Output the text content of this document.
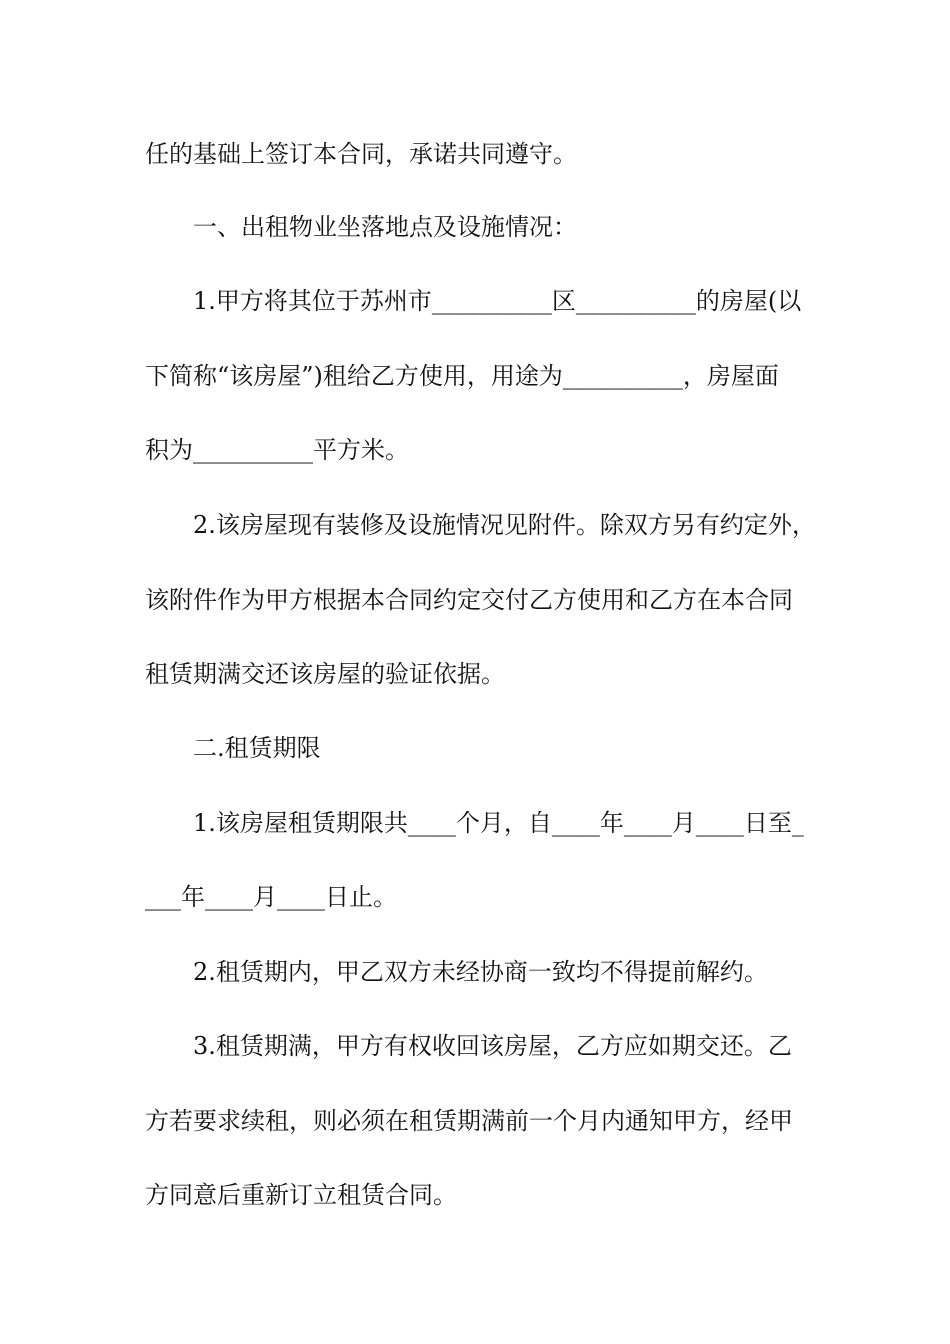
任的基础上签订本合同，承诺共同遵守。
一、出租物业坐落地点及设施情况：
1.甲方将其位于苏州市__________区__________的房屋(以
下简称“该房屋”)租给乙方使用，用途为__________，房屋面
积为__________平方米。
2.该房屋现有装修及设施情况见附件。除双方另有约定外，
该附件作为甲方根据本合同约定交付乙方使用和乙方在本合同
租赁期满交还该房屋的验证依据。
二.租赁期限
1.该房屋租赁期限共____个月，自____年____月____日至_
___年____月____日止。
2.租赁期内，甲乙双方未经协商一致均不得提前解约。
3.租赁期满，甲方有权收回该房屋，乙方应如期交还。乙
方若要求续租，则必须在租赁期满前一个月内通知甲方，经甲
方同意后重新订立租赁合同。
